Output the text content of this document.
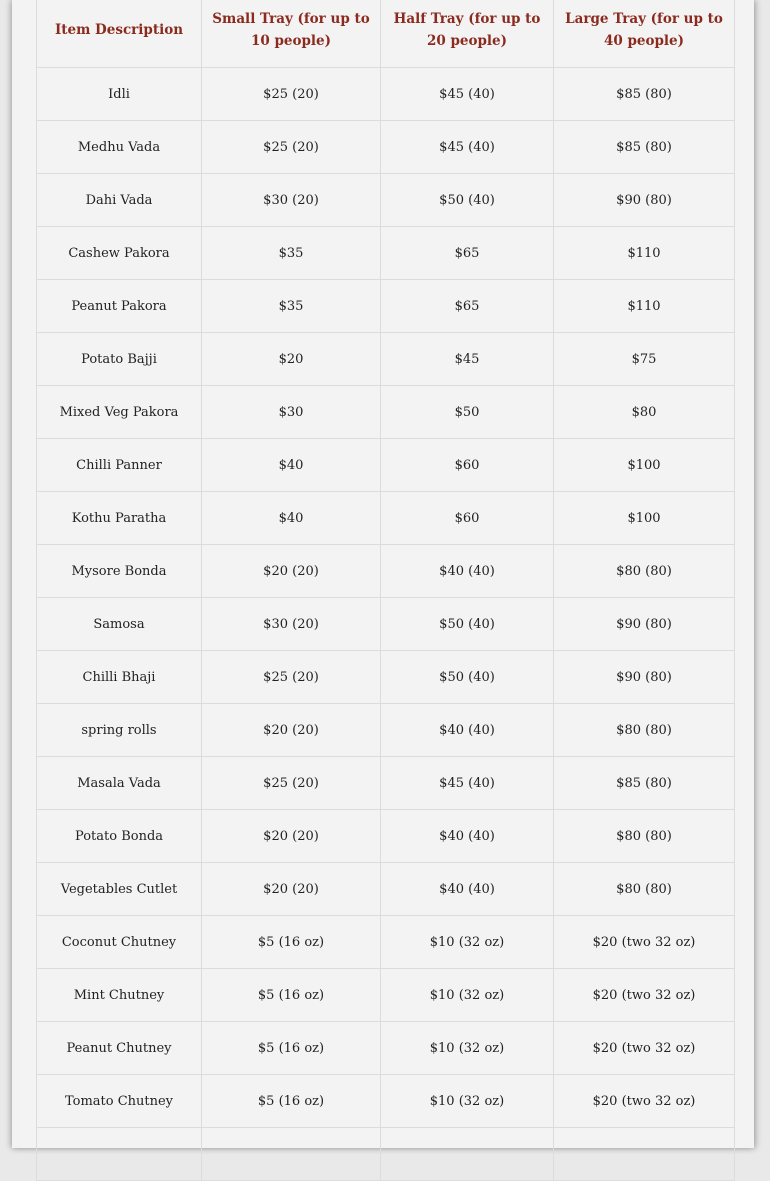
Item Description	Small Tray (for up to 10 people)	Half Tray (for up to 20 people)	Large Tray (for up to 40 people)
Idli	$25 (20)	$45 (40)	$85 (80)
Medhu Vada	$25 (20)	$45 (40)	$85 (80)
Dahi Vada	$30 (20)	$50 (40)	$90 (80)
Cashew Pakora	$35	$65	$110
Peanut Pakora	$35	$65	$110
Potato Bajji	$20	$45	$75
Mixed Veg Pakora	$30	$50	$80
Chilli Panner	$40	$60	$100
Kothu Paratha	$40	$60	$100
Mysore Bonda	$20 (20)	$40 (40)	$80 (80)
Samosa	$30 (20)	$50 (40)	$90 (80)
Chilli Bhaji	$25 (20)	$50 (40)	$90 (80)
spring rolls	$20 (20)	$40 (40)	$80 (80)
Masala Vada	$25 (20)	$45 (40)	$85 (80)
Potato Bonda	$20 (20)	$40 (40)	$80 (80)
Vegetables Cutlet	$20 (20)	$40 (40)	$80 (80)
Coconut Chutney	$5 (16 oz)	$10 (32 oz)	$20 (two 32 oz)
Mint Chutney	$5 (16 oz)	$10 (32 oz)	$20 (two 32 oz)
Peanut Chutney	$5 (16 oz)	$10 (32 oz)	$20 (two 32 oz)
Tomato Chutney	$5 (16 oz)	$10 (32 oz)	$20 (two 32 oz)
